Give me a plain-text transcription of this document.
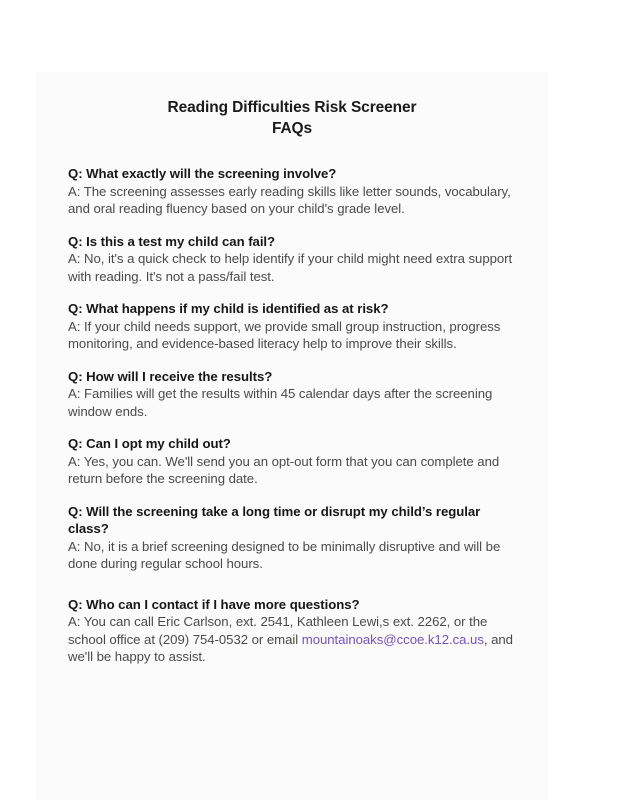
Reading Difficulties Risk Screener
FAQs

Q: What exactly will the screening involve?

A: The screening assesses early reading skills like letter sounds, vocabulary, and oral reading fluency based on your child's grade level.

Q: Is this a test my child can fail?

A: No, it's a quick check to help identify if your child might need extra support with reading. It's not a pass/fail test.

Q: What happens if my child is identified as at risk?

A: If your child needs support, we provide small group instruction, progress monitoring, and evidence-based literacy help to improve their skills.

Q: How will I receive the results?

A: Families will get the results within 45 calendar days after the screening window ends.

Q: Can I opt my child out?

A: Yes, you can. We'll send you an opt-out form that you can complete and return before the screening date.

Q: Will the screening take a long time or disrupt my child’s regular class?

A: No, it is a brief screening designed to be minimally disruptive and will be done during regular school hours.

Q: Who can I contact if I have more questions?

A: You can call Eric Carlson, ext. 2541, Kathleen Lewi,s ext. 2262, or the school office at (209) 754-0532 or email mountainoaks@ccoe.k12.ca.us, and we'll be happy to assist.
